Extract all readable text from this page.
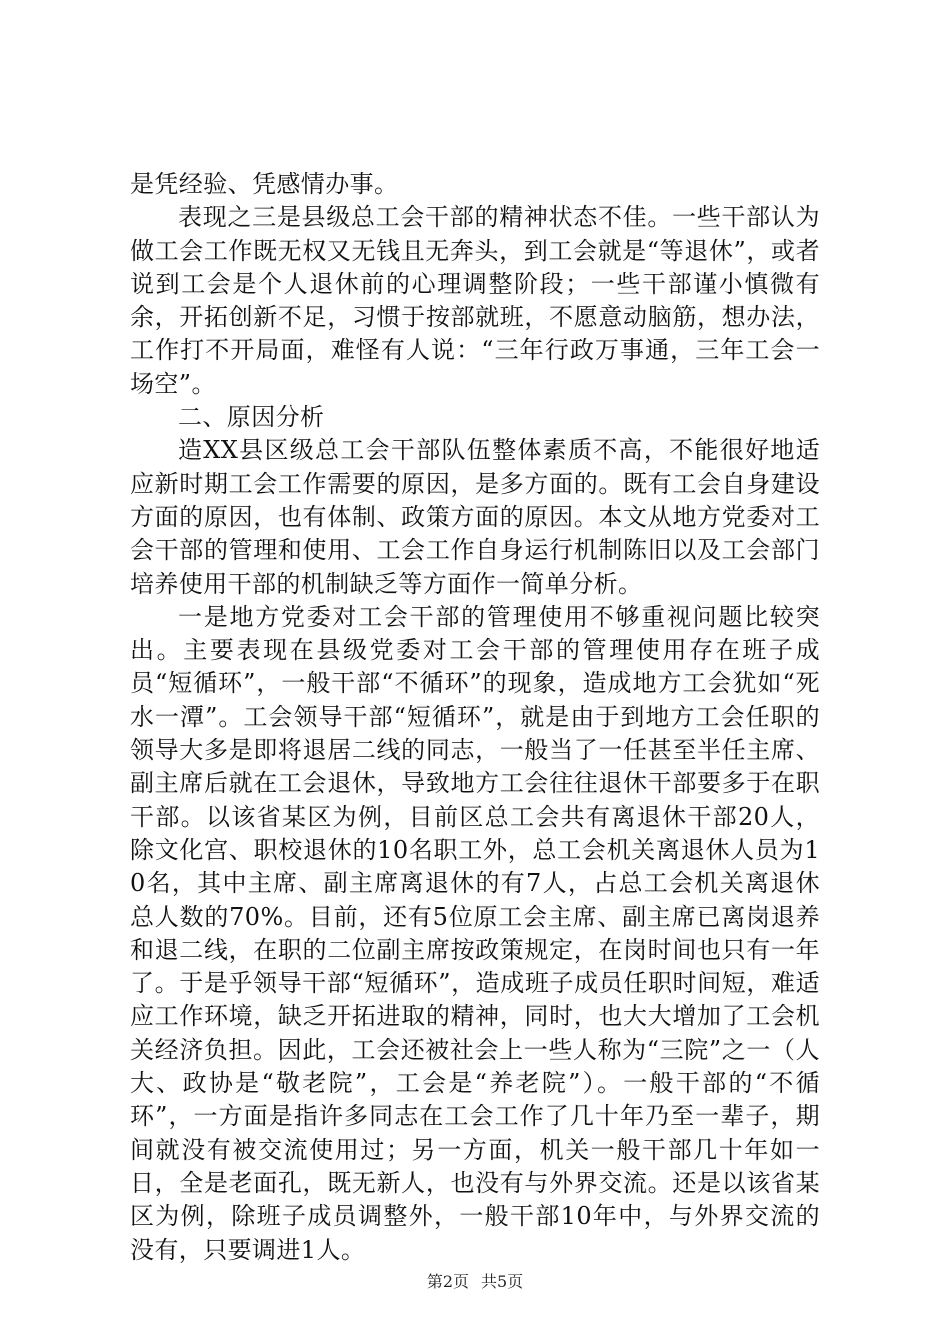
是凭经验、凭感情办事。

表现之三是县级总工会干部的精神状态不佳。一些干部认为做工会工作既无权又无钱且无奔头，到工会就是“等退休”，或者说到工会是个人退休前的心理调整阶段；一些干部谨小慎微有余，开拓创新不足，习惯于按部就班，不愿意动脑筋，想办法，工作打不开局面，难怪有人说：“三年行政万事通，三年工会一场空”。

二、原因分析

造XX县区级总工会干部队伍整体素质不高，不能很好地适应新时期工会工作需要的原因，是多方面的。既有工会自身建设方面的原因，也有体制、政策方面的原因。本文从地方党委对工会干部的管理和使用、工会工作自身运行机制陈旧以及工会部门培养使用干部的机制缺乏等方面作一简单分析。

一是地方党委对工会干部的管理使用不够重视问题比较突出。主要表现在县级党委对工会干部的管理使用存在班子成员“短循环”，一般干部“不循环”的现象，造成地方工会犹如“死水一潭”。工会领导干部“短循环”，就是由于到地方工会任职的领导大多是即将退居二线的同志，一般当了一任甚至半任主席、副主席后就在工会退休，导致地方工会往往退休干部要多于在职干部。以该省某区为例，目前区总工会共有离退休干部20人，除文化宫、职校退休的10名职工外，总工会机关离退休人员为10名，其中主席、副主席离退休的有7人，占总工会机关离退休总人数的70%。目前，还有5位原工会主席、副主席已离岗退养和退二线，在职的二位副主席按政策规定，在岗时间也只有一年了。于是乎领导干部“短循环”，造成班子成员任职时间短，难适应工作环境，缺乏开拓进取的精神，同时，也大大增加了工会机关经济负担。因此，工会还被社会上一些人称为“三院”之一（人大、政协是“敬老院”，工会是“养老院”）。一般干部的“不循环”，一方面是指许多同志在工会工作了几十年乃至一辈子，期间就没有被交流使用过；另一方面，机关一般干部几十年如一日，全是老面孔，既无新人，也没有与外界交流。还是以该省某区为例，除班子成员调整外，一般干部10年中，与外界交流的没有，只要调进1人。

第2页 共5页
